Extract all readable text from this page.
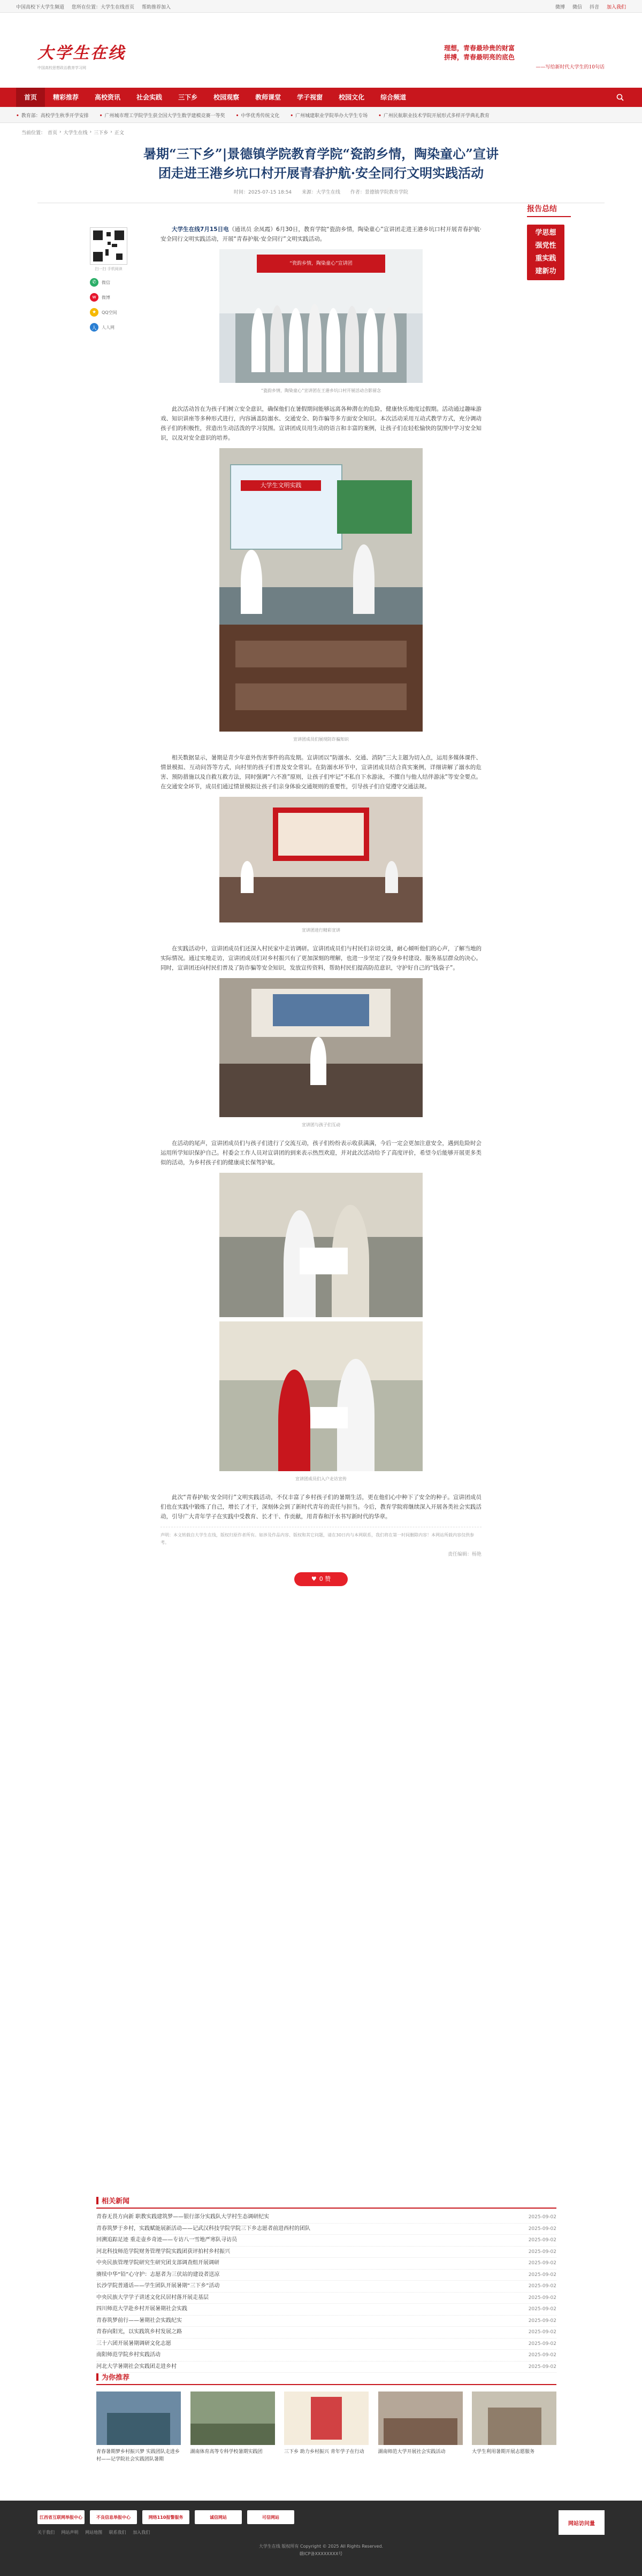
中国高校下大学生频道 您所在位置：大学生在线首页 帮助推荐加入	微博 微信 抖音 加入我们
大学生在线
中国高校思想政治教育学习网
理想，青春最珍贵的财富
拼搏，青春最明亮的底色
——写给新时代大学生的10句话
首页	精彩推荐	高校资讯	社会实践	三下乡	校园观察	教师课堂	学子视窗	校园文化	综合频道
• 教育部：高校学生秋季开学安排 • 广州城市理工学院学生获全国大学生数学建模竞赛一等奖 • 中华优秀传统文化 • 广州城建职业学院举办大学生专场 • 广州民航职业技术学院开展形式多样开学典礼教育
当前位置： 首页 › 大学生在线 › 三下乡 › 正文
暑期“三下乡”|景德镇学院教育学院“瓷韵乡情，陶染童心”宣讲
团走进王港乡坑口村开展青春护航·安全同行文明实践活动
时间：2025-07-15 18:54 来源：大学生在线 作者：景德镇学院教育学院
扫一扫 手机阅读
✆	微信
w	微博
★	QQ空间
人	人人网
报告总结
学思想
强党性
重实践
建新功

大学生在线7月15日电（通讯员 余凤霞）6月30日，教育学院“瓷韵乡情，陶染童心”宣讲团走进王港乡坑口村开展青春护航·安全同行文明实践活动，开展“青春护航·安全同行”文明实践活动。

“瓷韵乡情，陶染童心”宣讲团
“瓷韵乡情，陶染童心”宣讲团在王港乡坑口村开展活动合影留念

此次活动旨在为孩子们树立安全意识，确保他们在暑假期间能够远离各种潜在的危险，健康快乐地度过假期。活动通过趣味游戏、知识讲座等多种形式进行，内容涵盖防溺水、交通安全、防诈骗等多方面安全知识。本次活动采用互动式教学方式，充分调动孩子们的积极性，营造出生动活泼的学习氛围。宣讲团成员用生动的语言和丰富的案例，让孩子们在轻松愉快的氛围中学习安全知识，以及对安全意识的培养。

大学生文明实践
宣讲团成员们展现防诈骗知识

相关数据显示，暑期是青少年意外伤害事件的高发期。宣讲团以“防溺水、交通、消防”三大主题为切入点，运用多媒体课件、情景模拟、互动问答等方式，向村里的孩子们普及安全常识。在防溺水环节中，宣讲团成员结合真实案例，详细讲解了溺水的危害、预防措施以及自救互救方法，同时强调“六不准”原则，让孩子们牢记“不私自下水游泳，不擅自与他人结伴游泳”等安全要点。在交通安全环节，成员们通过情景模拟让孩子们亲身体验交通规则的重要性，引导孩子们自觉遵守交通法规。

宣讲团进行精彩宣讲

在实践活动中，宣讲团成员们还深入村民家中走访调研。宣讲团成员们与村民们亲切交谈，耐心倾听他们的心声，了解当地的实际情况。通过实地走访，宣讲团成员们对乡村振兴有了更加深刻的理解，也进一步坚定了投身乡村建设、服务基层群众的决心。同时，宣讲团还向村民们普及了防诈骗等安全知识，发放宣传资料，帮助村民们提高防范意识，守护好自己的“钱袋子”。

宣讲团与孩子们互动

在活动的尾声，宣讲团成员们与孩子们进行了交流互动，孩子们纷纷表示收获满满，今后一定会更加注意安全，遇到危险时会运用所学知识保护自己。村委会工作人员对宣讲团的到来表示热烈欢迎，并对此次活动给予了高度评价，希望今后能够开展更多类似的活动，为乡村孩子们的健康成长保驾护航。

宣讲团成员们入户走访宣传

此次“青春护航·安全同行”文明实践活动，不仅丰富了乡村孩子们的暑期生活，更在他们心中种下了安全的种子。宣讲团成员们也在实践中锻炼了自己，增长了才干，深刻体会到了新时代青年的责任与担当。今后，教育学院将继续深入开展各类社会实践活动，引导广大青年学子在实践中受教育、长才干、作贡献，用青春和汗水书写新时代的华章。

声明：本文转载自大学生在线，版权归原作者所有。如涉及作品内容、版权和其它问题，请在30日内与本网联系，我们将在第一时间删除内容！本网站所载内容仅供参考。
责任编辑：杨艳
♥ 0 赞
相关新闻
青春无畏方向新 职教实践建筑梦——银行部分实践队大学村生态调研纪实	2025-09-02
青春筑梦于乡村，实践赋能展新活动——记武汉科技学院学院三下乡志愿者前进西村的团队	2025-09-02
回溯追踪足迹 重走壶乡奇迹——专访八一雪地严寒队寻访员	2025-09-02
河北科技师范学院财务管理学院实践团获评拍村乡村振兴	2025-09-02
中央民族管理学院研究生研究团支部调查组开展调研	2025-09-02
赓续中华“铅”心守护：志愿者为三伏站的建设者送凉	2025-09-02
长沙学院普通话——学生团队开展暑期“三下乡”活动	2025-09-02
中央民族大学学子讲述文化民居村落开展走基层	2025-09-02
四川师范大学赴乡村开展暑期社会实践	2025-09-02
青春筑梦前行——暑期社会实践纪实	2025-09-02
青春向阳光，以实践筑乡村发展之路	2025-09-02
三十六团开展暑期调研文化志愿	2025-09-02
南阳师范学院乡村实践活动	2025-09-02
河北大学暑期社会实践团走进乡村	2025-09-02
为你推荐
青春暑期梦乡村振兴梦 实践团队走进乡村——记学院社会实践团队暑期
湖南体育高等专科学校暑期实践团	三下乡 助力乡村振兴 青年学子在行动	湖南师范大学开展社会实践活动	大学生利用暑期开展志愿服务
江西省互联网举报中心	不良信息举报中心	网络110报警服务	诚信网站	可信网站
关于我们 网站声明 网站地图 联系我们 加入我们
大学生在线 版权所有 Copyright © 2025 All Rights Reserved.
赣ICP备XXXXXXXX号
网站访问量
